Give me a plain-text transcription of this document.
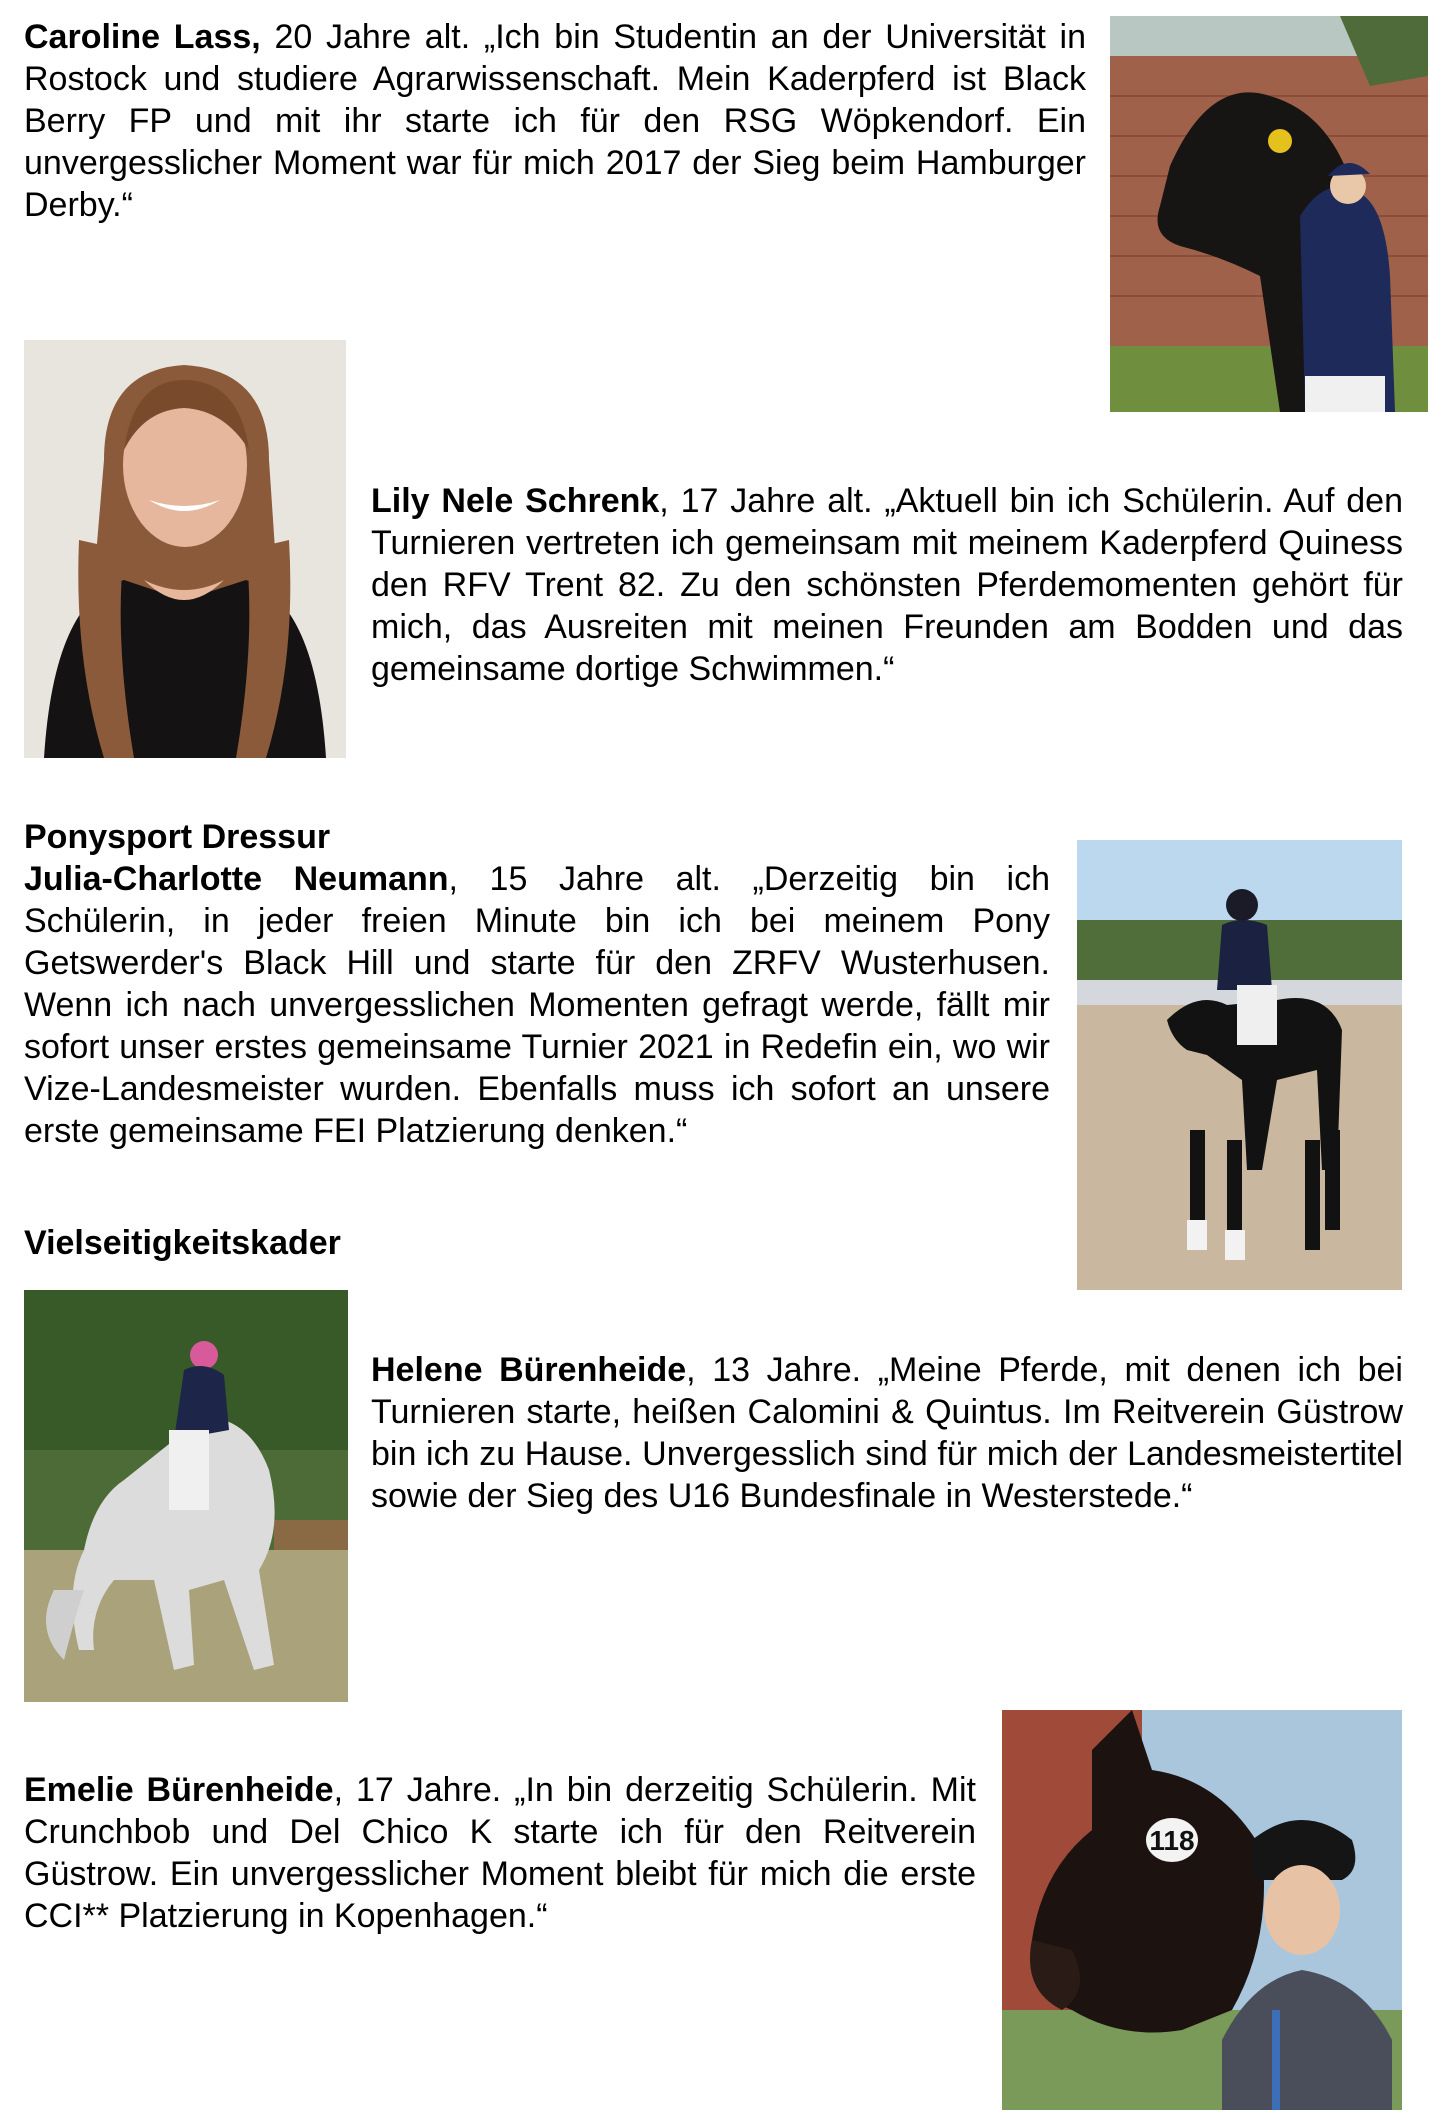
Caroline Lass, 20 Jahre alt. „Ich bin Studentin an der Universität in Rostock und studiere Agrarwissenschaft. Mein Kaderpferd ist Black Berry FP und mit ihr starte ich für den RSG Wöpkendorf. Ein unvergesslicher Moment war für mich 2017 der Sieg beim Hamburger Derby.“

Lily Nele Schrenk, 17 Jahre alt. „Aktuell bin ich Schülerin. Auf den Turnieren vertreten ich gemeinsam mit meinem Kaderpferd Quiness den RFV Trent 82. Zu den schönsten Pferdemomenten gehört für mich, das Ausreiten mit meinen Freunden am Bodden und das gemeinsame dortige Schwimmen.“

Ponysport Dressur

Julia-Charlotte Neumann, 15 Jahre alt. „Derzeitig bin ich Schülerin, in jeder freien Minute bin ich bei meinem Pony Getswerder's Black Hill und starte für den ZRFV Wusterhusen. Wenn ich nach unvergesslichen Momenten gefragt werde, fällt mir sofort unser erstes gemeinsame Turnier 2021 in Redefin ein, wo wir Vize-Landesmeister wurden. Ebenfalls muss ich sofort an unsere erste gemeinsame FEI Platzierung denken.“

Vielseitigkeitskader

Helene Bürenheide, 13 Jahre. „Meine Pferde, mit denen ich bei Turnieren starte, heißen Calomini & Quintus. Im Reitverein Güstrow bin ich zu Hause. Unvergesslich sind für mich der Landesmeistertitel sowie der Sieg des U16 Bundesfinale in Westerstede.“

Emelie Bürenheide, 17 Jahre. „In bin derzeitig Schülerin. Mit Crunchbob und Del Chico K starte ich für den Reitverein Güstrow. Ein unvergesslicher Moment bleibt für mich die erste CCI** Platzierung in Kopenhagen.“

118
